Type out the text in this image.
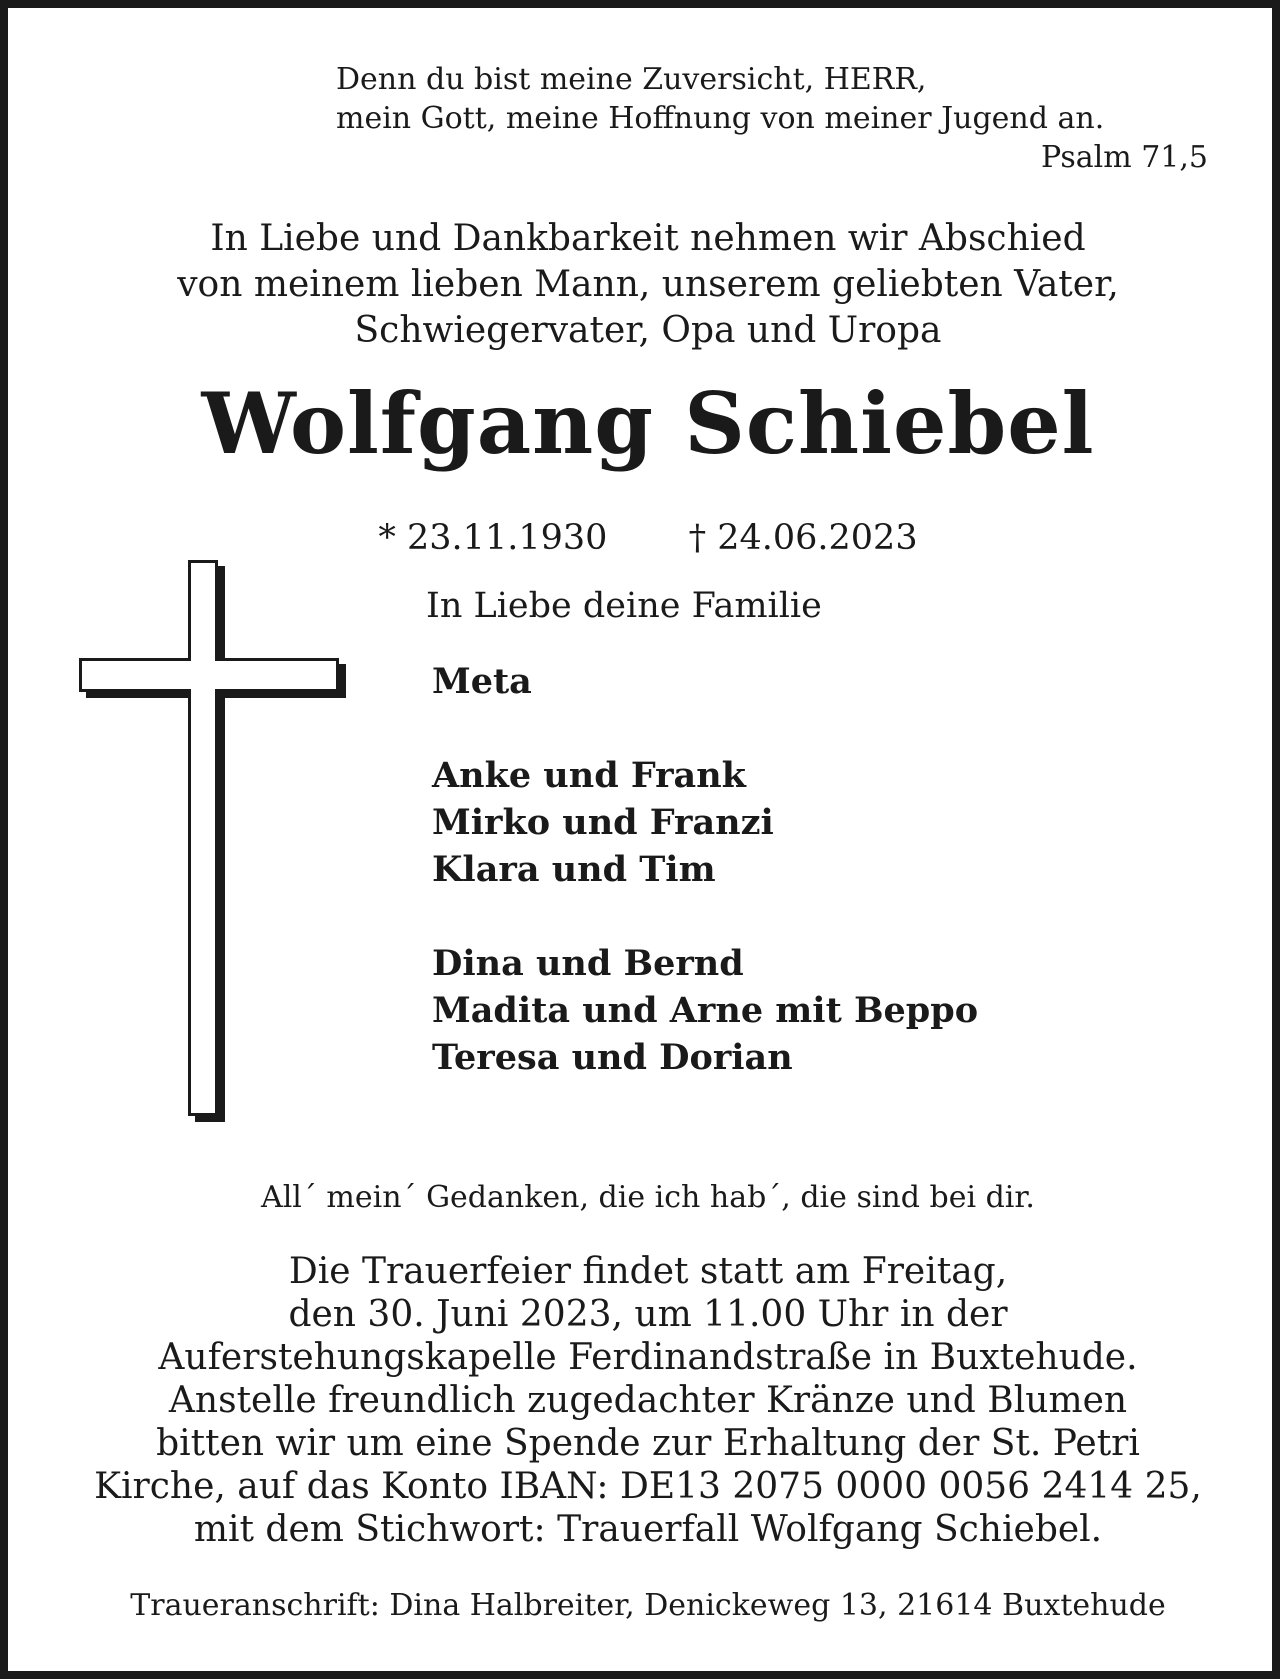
Denn du bist meine Zuversicht, HERR,
mein Gott, meine Hoffnung von meiner Jugend an.
Psalm 71,5

In Liebe und Dankbarkeit nehmen wir Abschied
von meinem lieben Mann, unserem geliebten Vater,
Schwiegervater, Opa und Uropa

Wolfgang Schiebel

* 23.11.1930 † 24.06.2023

In Liebe deine Familie

Meta
Anke und Frank
Mirko und Franzi
Klara und Tim
Dina und Bernd
Madita und Arne mit Beppo
Teresa und Dorian

All´ mein´ Gedanken, die ich hab´, die sind bei dir.

Die Trauerfeier findet statt am Freitag,
den 30. Juni 2023, um 11.00 Uhr in der
Auferstehungskapelle Ferdinandstraße in Buxtehude.
Anstelle freundlich zugedachter Kränze und Blumen
bitten wir um eine Spende zur Erhaltung der St. Petri
Kirche, auf das Konto IBAN: DE13 2075 0000 0056 2414 25,
mit dem Stichwort: Trauerfall Wolfgang Schiebel.

Traueranschrift: Dina Halbreiter, Denickeweg 13, 21614 Buxtehude
